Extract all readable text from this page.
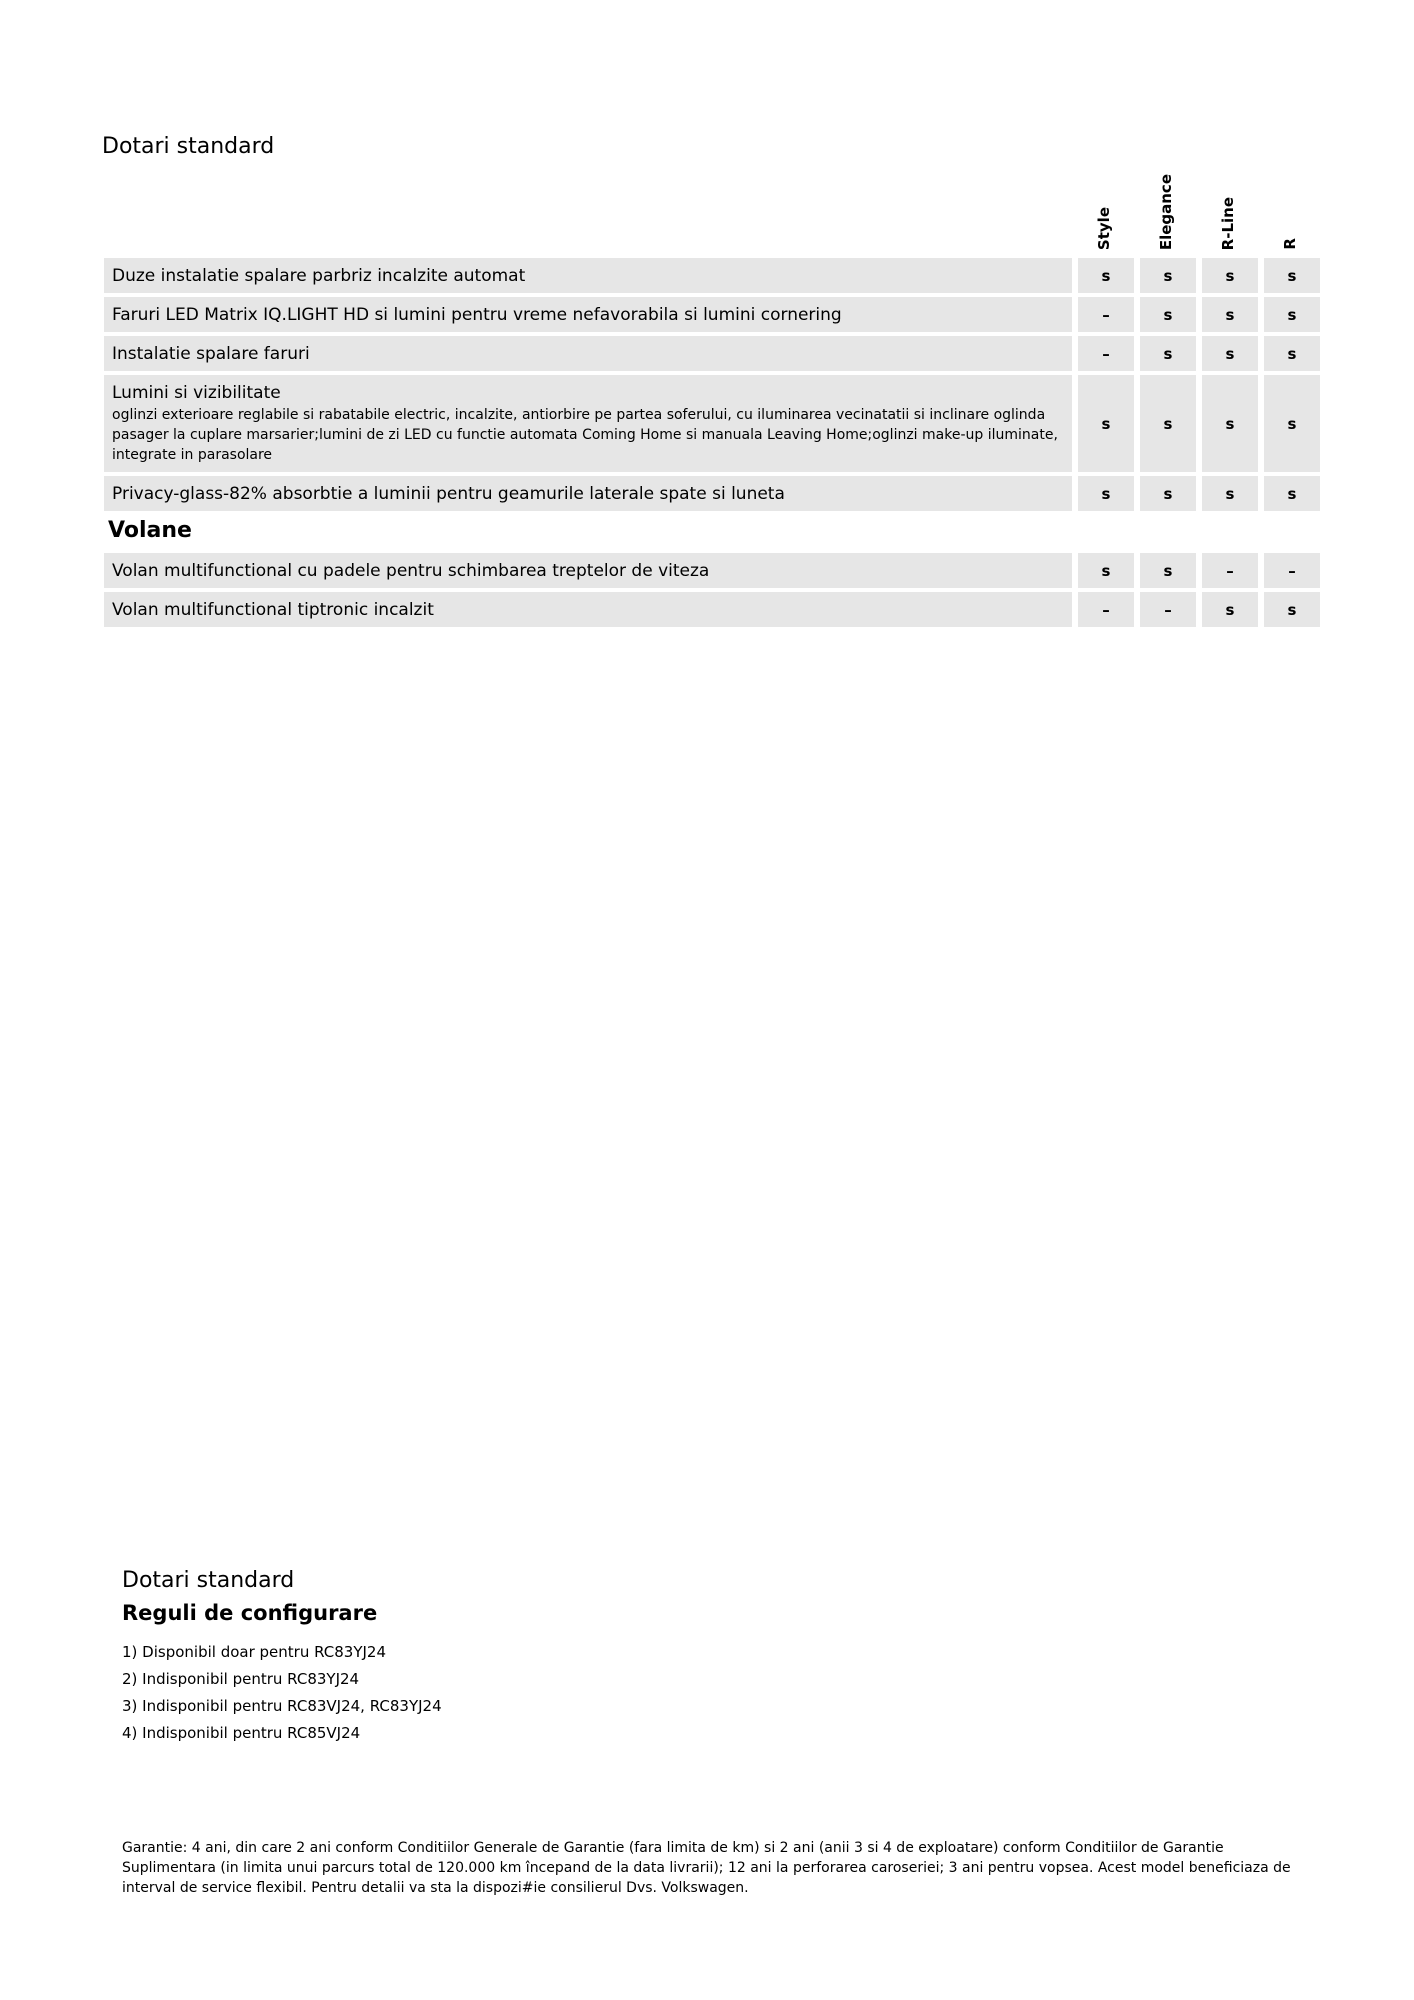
Dotari standard
Style	Elegance	R-Line	R
Duze instalatie spalare parbriz incalzite automat	s	s	s	s
Faruri LED Matrix IQ.LIGHT HD si lumini pentru vreme nefavorabila si lumini cornering	–	s	s	s
Instalatie spalare faruri	–	s	s	s
Lumini si vizibilitate
oglinzi exterioare reglabile si rabatabile electric, incalzite, antiorbire pe partea soferului, cu iluminarea vecinatatii si inclinare oglinda pasager la cuplare marsarier;lumini de zi LED cu functie automata Coming Home si manuala Leaving Home;oglinzi make-up iluminate, integrate in parasolare
s	s	s	s
Privacy-glass-82% absorbtie a luminii pentru geamurile laterale spate si luneta	s	s	s	s
Volane
Volan multifunctional cu padele pentru schimbarea treptelor de viteza	s	s	–	–
Volan multifunctional tiptronic incalzit	–	–	s	s
Dotari standard
Reguli de configurare
1) Disponibil doar pentru RC83YJ24
2) Indisponibil pentru RC83YJ24
3) Indisponibil pentru RC83VJ24, RC83YJ24
4) Indisponibil pentru RC85VJ24
Garantie: 4 ani, din care 2 ani conform Conditiilor Generale de Garantie (fara limita de km) si 2 ani (anii 3 si 4 de exploatare) conform Conditiilor de Garantie Suplimentara (in limita unui parcurs total de 120.000 km începand de la data livrarii); 12 ani la perforarea caroseriei; 3 ani pentru vopsea. Acest model beneficiaza de interval de service flexibil. Pentru detalii va sta la dispozi#ie consilierul Dvs. Volkswagen.
